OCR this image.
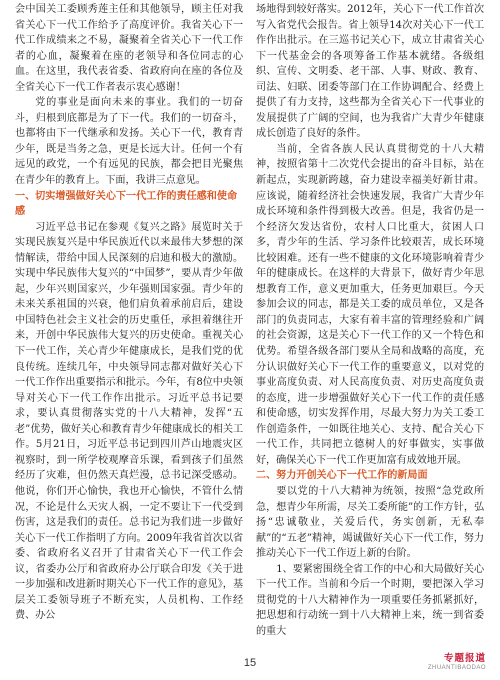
会中国关工委顾秀莲主任和其他领导，顾主任对我省关心下一代工作给予了高度评价。我省关心下一代工作成绩来之不易，凝聚着全省关心下一代工作者的心血，凝聚着在座的老领导和各位同志的心血。在这里，我代表省委、省政府向在座的各位及全省关心下一代工作者表示衷心感谢！

党的事业是面向未来的事业。我们的一切奋斗，归根到底都是为了下一代。我们的一切奋斗，也都将由下一代继承和发扬。关心下一代，教育青少年，既是当务之急，更是长远大计。任何一个有远见的政党，一个有远见的民族，都会把目光聚焦在青少年的教育上。下面，我讲三点意见。

一、切实增强做好关心下一代工作的责任感和使命感

习近平总书记在参观《复兴之路》展览时关于实现民族复兴是中华民族近代以来最伟大梦想的深情解读，带给中国人民深刻的启迪和极大的激励。实现中华民族伟大复兴的“中国梦”，要从青少年做起，少年兴则国家兴，少年强则国家强。青少年的未来关系祖国的兴衰，他们肩负着承前启后，建设中国特色社会主义社会的历史重任，承担着继往开来，开创中华民族伟大复兴的历史使命。重视关心下一代工作，关心青少年健康成长，是我们党的优良传统。连续几年，中央领导同志都对做好关心下一代工作作出重要指示和批示。今年，有8位中央领导对关心下一代工作作出批示。习近平总书记要求，要认真贯彻落实党的十八大精神，发挥“五老”优势，做好关心和教育青少年健康成长的相关工作。5月21日，习近平总书记到四川芦山地震灾区视察时，到一所学校观摩音乐课，看到孩子们虽然经历了灾难，但仍然天真烂漫，总书记深受感动。他说，你们开心愉快，我也开心愉快，不管什么情况，不论是什么天灾人祸，一定不要让下一代受到伤害，这是我们的责任。总书记为我们进一步做好关心下一代工作指明了方向。2009年我省首次以省委、省政府名义召开了甘肃省关心下一代工作会议，省委办公厅和省政府办公厅联合印发《关于进一步加强和改进新时期关心下一代工作的意见》，基层关工委领导班子不断充实，人员机构、工作经费、办公

场地得到较好落实。2012年，关心下一代工作首次写入省党代会报告。省上领导14次对关心下一代工作作出批示。在三巡书记关心下，成立甘肃省关心下一代基金会的各项筹备工作基本就绪。各级组织、宣传、文明委、老干部、人事、财政、教育、司法、妇联、团委等部门在工作协调配合、经费上提供了有力支持，这些都为全省关心下一代事业的发展提供了广阔的空间，也为我省广大青少年健康成长创造了良好的条件。

当前，全省各族人民认真贯彻党的十八大精神，按照省第十二次党代会提出的奋斗目标，站在新起点，实现新跨越，奋力建设幸福美好新甘肃。应该说，随着经济社会快速发展，我省广大青少年成长环境和条件得到极大改善。但是，我省仍是一个经济欠发达省份，农村人口比重大，贫困人口多，青少年的生活、学习条件比较艰苦，成长环境比较困难。还有一些不健康的文化环境影响着青少年的健康成长。在这样的大背景下，做好青少年思想教育工作，意义更加重大，任务更加艰巨。今天参加会议的同志，都是关工委的成员单位，又是各部门的负责同志，大家有着丰富的管理经验和广阔的社会资源，这是关心下一代工作的又一个特色和优势。希望各级各部门要从全局和战略的高度，充分认识做好关心下一代工作的重要意义，以对党的事业高度负责、对人民高度负责、对历史高度负责的态度，进一步增强做好关心下一代工作的责任感和使命感，切实发挥作用，尽最大努力为关工委工作创造条件，一如既往地关心、支持、配合关心下一代工作，共同把立德树人的好事做实，实事做好，确保关心下一代工作更加富有成效地开展。

二、努力开创关心下一代工作的新局面

要以党的十八大精神为统领，按照“急党政所急，想青少年所需，尽关工委所能”的工作方针，弘扬“忠诚敬业，关爱后代，务实创新，无私奉献”的“五老”精神，竭诚做好关心下一代工作，努力推动关心下一代工作迈上新的台阶。

1、要紧密围绕全省工作的中心和大局做好关心下一代工作。当前和今后一个时期，要把深入学习贯彻党的十八大精神作为一项重要任务抓紧抓好，把思想和行动统一到十八大精神上来，统一到省委的重大

15	专题报道
ZHUANTIBAODAO
